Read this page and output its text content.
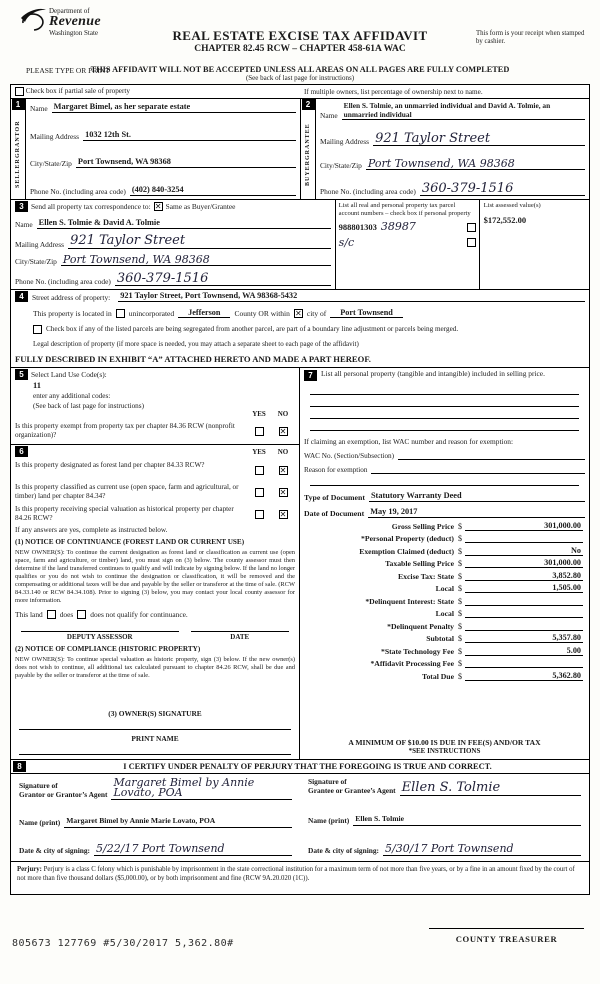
Department of
Revenue
Washington State	REAL ESTATE EXCISE TAX AFFIDAVIT
CHAPTER 82.45 RCW – CHAPTER 458-61A WAC
This form is your receipt when stamped by cashier.
PLEASE TYPE OR PRINT
THIS AFFIDAVIT WILL NOT BE ACCEPTED UNLESS ALL AREAS ON ALL PAGES ARE FULLY COMPLETED
(See back of last page for instructions)
Check box if partial sale of property	If multiple owners, list percentage of ownership next to name.
1
SELLER
GRANTOR
Name Margaret Bimel, as her separate estate
Mailing Address 1032 12th St.
City/State/Zip Port Townsend, WA 98368
Phone No. (including area code) (402) 840-3254
2
BUYER
GRANTEE
Name
Ellen S. Tolmie, an unmarried individual and David A. Tolmie, an unmarried individual
Mailing Address 921 Taylor Street
City/State/Zip Port Townsend, WA 98368
Phone No. (including area code) 360-379-1516
3 Send all property tax correspondence to: ✕ Same as Buyer/Grantee
Name Ellen S. Tolmie & David A. Tolmie
Mailing Address 921 Taylor Street
City/State/Zip Port Townsend, WA 98368
Phone No. (including area code) 360-379-1516
List all real and personal property tax parcel account numbers – check box if personal property
988801303 38987
s/c
List assessed value(s)
$172,552.00
4	Street address of property:	921 Taylor Street, Port Townsend, WA 98368-5432
This property is located in unincorporated	Jefferson	County OR within ✕ city of	Port Townsend
Check box if any of the listed parcels are being segregated from another parcel, are part of a boundary line adjustment or parcels being merged.
Legal description of property (if more space is needed, you may attach a separate sheet to each page of the affidavit)
FULLY DESCRIBED IN EXHIBIT “A” ATTACHED HERETO AND MADE A PART HEREOF.
5 Select Land Use Code(s):
11
enter any additional codes:
(See back of last page for instructions)
YES	NO
Is this property exempt from property tax per chapter 84.36 RCW (nonprofit organization)?	✕
6	YES	NO
Is this property designated as forest land per chapter 84.33 RCW?
✕
Is this property classified as current use (open space, farm and agricultural, or timber) land per chapter 84.34?	✕
Is this property receiving special valuation as historical property per chapter 84.26 RCW?	✕
If any answers are yes, complete as instructed below.
(1) NOTICE OF CONTINUANCE (FOREST LAND OR CURRENT USE)
NEW OWNER(S): To continue the current designation as forest land or classification as current use (open space, farm and agriculture, or timber) land, you must sign on (3) below. The county assessor must then determine if the land transferred continues to qualify and will indicate by signing below. If the land no longer qualifies or you do not wish to continue the designation or classification, it will be removed and the compensating or additional taxes will be due and payable by the seller or transferor at the time of sale. (RCW 84.33.140 or RCW 84.34.108). Prior to signing (3) below, you may contact your local county assessor for more information.
This land does does not qualify for continuance.
DEPUTY ASSESSOR	DATE
(2) NOTICE OF COMPLIANCE (HISTORIC PROPERTY)
NEW OWNER(S): To continue special valuation as historic property, sign (3) below. If the new owner(s) does not wish to continue, all additional tax calculated pursuant to chapter 84.26 RCW, shall be due and payable by the seller or transferor at the time of sale.
(3) OWNER(S) SIGNATURE
PRINT NAME
7	List all personal property (tangible and intangible) included in selling price.
If claiming an exemption, list WAC number and reason for exemption:
WAC No. (Section/Subsection)
Reason for exemption
Type of Document Statutory Warranty Deed
Date of Document May 19, 2017
Gross Selling Price $	301,000.00
*Personal Property (deduct) $
Exemption Claimed (deduct) $	No
Taxable Selling Price $	301,000.00
Excise Tax: State $	3,852.80
Local $	1,505.00
*Delinquent Interest: State $
Local $
*Delinquent Penalty $
Subtotal $	5,357.80
*State Technology Fee $	5.00
*Affidavit Processing Fee $
Total Due $	5,362.80
A MINIMUM OF $10.00 IS DUE IN FEE(S) AND/OR TAX
*SEE INSTRUCTIONS
8	I CERTIFY UNDER PENALTY OF PERJURY THAT THE FOREGOING IS TRUE AND CORRECT.
Signature of
Grantor or Grantor’s Agent
Margaret Bimel by Annie Lovato, POA
Name (print) Margaret Bimel by Annie Marie Lovato, POA
Date & city of signing: 5/22/17 Port Townsend
Signature of
Grantee or Grantee’s Agent Ellen S. Tolmie
Name (print) Ellen S. Tolmie
Date & city of signing: 5/30/17 Port Townsend
Perjury: Perjury is a class C felony which is punishable by imprisonment in the state correctional institution for a maximum term of not more than five years, or by a fine in an amount fixed by the court of not more than five thousand dollars ($5,000.00), or by both imprisonment and fine (RCW 9A.20.020 (1C)).
805673 127769 #5/30/2017 5,362.80#	COUNTY TREASURER
